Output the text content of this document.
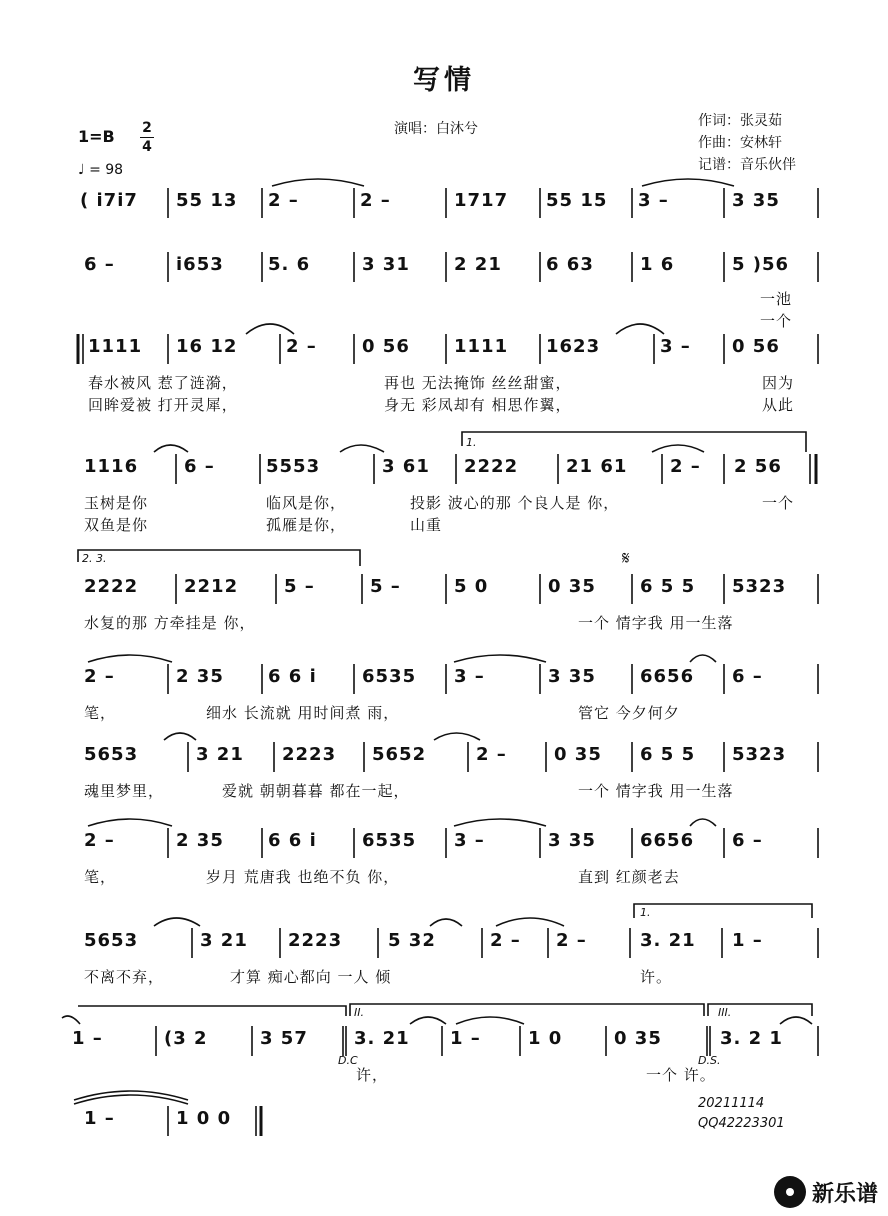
写情
演唱：白沐兮	作词：张灵茹
作曲：安林轩
记谱：音乐伙伴
1=B 2
4
♩ = 98
( i7i7 55 13 2 –	2 –	1717 55 15 3 –	3 35
6 –	i653 5. 6	3 31 2 21 6 63	1 6	5 )56
一池
一个
1111 16 12	2 –	0 56 1111 1623	3 – 0 56
春水被风 惹了涟漪，	再也 无法掩饰 丝丝甜蜜，	因为
回眸爱被 打开灵犀，	身无 彩凤却有 相思作翼，	从此
1116	6 –	5553	3 61 2222	21 61 2 – 2 56
玉树是你	临风是你，	投影 波心的那 个良人是 你，	一个
双鱼是你	孤雁是你，	山重
2222	2212	5 –	5 –	5 0	0 35 6 5 5 5323
水复的那 方牵挂是 你，	一个 情字我 用一生落
2 –	2 35 6 6 i	6535 3 –	3 35 6656 6 –
笔，	细水 长流就 用时间煮 雨，	管它 今夕何夕
5653	3 21 2223 5652	2 –	0 35 6 5 5 5323
魂里梦里，	爱就 朝朝暮暮 都在一起，	一个 情字我 用一生落
2 –	2 35 6 6 i	6535 3 –	3 35 6656 6 –
笔，	岁月 荒唐我 也绝不负 你，	直到 红颜老去
5653	3 21 2223	5 32	2 – 2 –	3. 21 1 –
不离不弃，	才算 痴心都向 一人 倾	许。
1 –	(3 2	3 57	3. 21 1 –	1 0	0 35	3. 2 1
许，	一个 许。
1 –	1 0 0
1.
2. 3.
1.
II.	III.
D.C	D.S.
𝄋
20211114
QQ42223301
新乐谱
